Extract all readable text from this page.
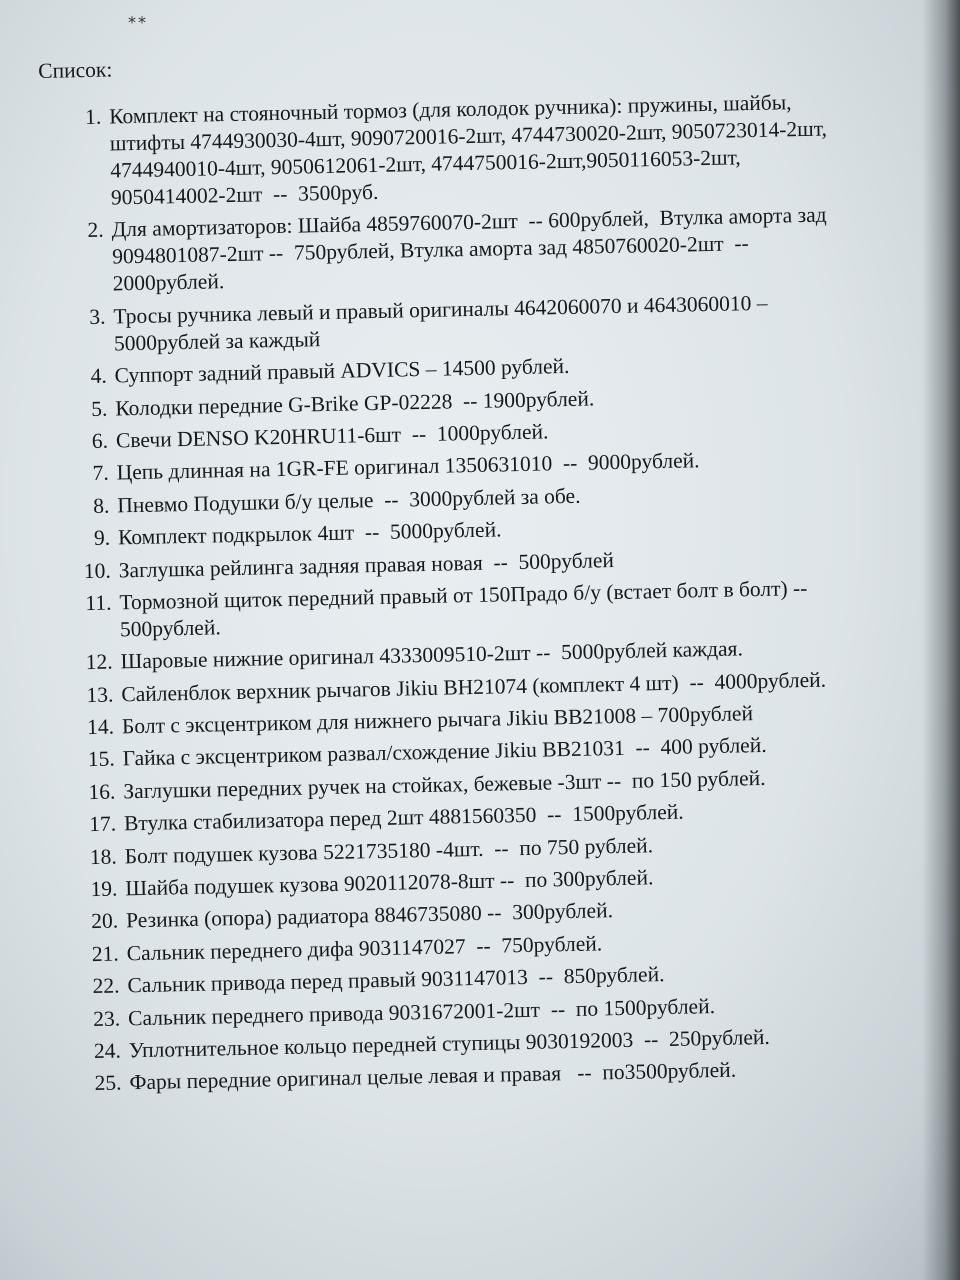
⁎⁎
Список:
1. Комплект на стояночный тормоз (для колодок ручника): пружины, шайбы,
штифты 4744930030-4шт, 9090720016-2шт, 4744730020-2шт, 9050723014-2шт,
4744940010-4шт, 9050612061-2шт, 4744750016-2шт,9050116053-2шт,
9050414002-2шт  --  3500руб.
2. Для амортизаторов: Шайба 4859760070-2шт  -- 600рублей,  Втулка аморта зад
9094801087-2шт --  750рублей, Втулка аморта зад 4850760020-2шт  --
2000рублей.
3. Тросы ручника левый и правый оригиналы 4642060070 и 4643060010 –
5000рублей за каждый
4. Суппорт задний правый ADVICS – 14500 рублей.
5. Колодки передние G-Brike GP-02228  -- 1900рублей.
6. Свечи DENSO K20HRU11-6шт  --  1000рублей.
7. Цепь длинная на 1GR-FE оригинал 1350631010  --  9000рублей.
8. Пневмо Подушки б/у целые  --  3000рублей за обе.
9. Комплект подкрылок 4шт  --  5000рублей.
10. Заглушка рейлинга задняя правая новая  --  500рублей
11. Тормозной щиток передний правый от 150Прадо б/у (встает болт в болт) --
500рублей.
12. Шаровые нижние оригинал 4333009510-2шт --  5000рублей каждая.
13. Сайленблок верхник рычагов Jikiu BH21074 (комплект 4 шт)  --  4000рублей.
14. Болт с эксцентриком для нижнего рычага Jikiu BB21008 – 700рублей
15. Гайка с эксцентриком развал/схождение Jikiu BB21031  --  400 рублей.
16. Заглушки передних ручек на стойках, бежевые -3шт --  по 150 рублей.
17. Втулка стабилизатора перед 2шт 4881560350  --  1500рублей.
18. Болт подушек кузова 5221735180 -4шт.  --  по 750 рублей.
19. Шайба подушек кузова 9020112078-8шт --  по 300рублей.
20. Резинка (опора) радиатора 8846735080 --  300рублей.
21. Сальник переднего дифа 9031147027  --  750рублей.
22. Сальник привода перед правый 9031147013  --  850рублей.
23. Сальник переднего привода 9031672001-2шт  --  по 1500рублей.
24. Уплотнительное кольцо передней ступицы 9030192003  --  250рублей.
25. Фары передние оригинал целые левая и правая   --  по3500рублей.
